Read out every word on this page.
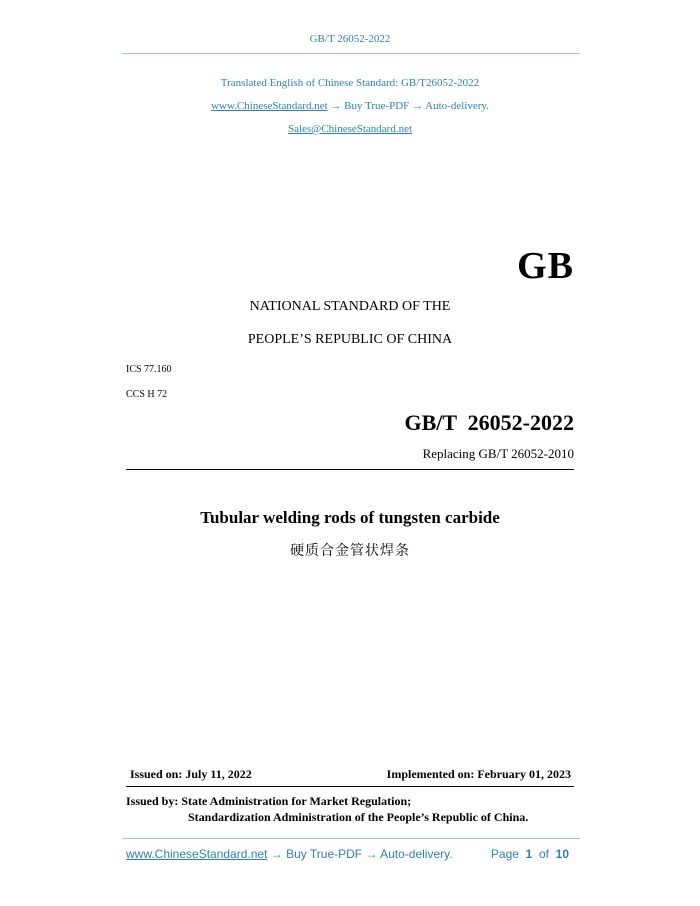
GB/T 26052-2022
Translated English of Chinese Standard: GB/T26052-2022
www.ChineseStandard.net → Buy True-PDF → Auto-delivery.
Sales@ChineseStandard.net
GB
NATIONAL STANDARD OF THE
PEOPLE’S REPUBLIC OF CHINA
ICS 77.160
CCS H 72
GB/T  26052-2022
Replacing GB/T 26052-2010
Tubular welding rods of tungsten carbide
硬质合金管状焊条
Issued on: July 11, 2022	Implemented on: February 01, 2023
Issued by: State Administration for Market Regulation;
Standardization Administration of the People’s Republic of China.
www.ChineseStandard.net → Buy True-PDF → Auto-delivery.	Page 1 of 10
